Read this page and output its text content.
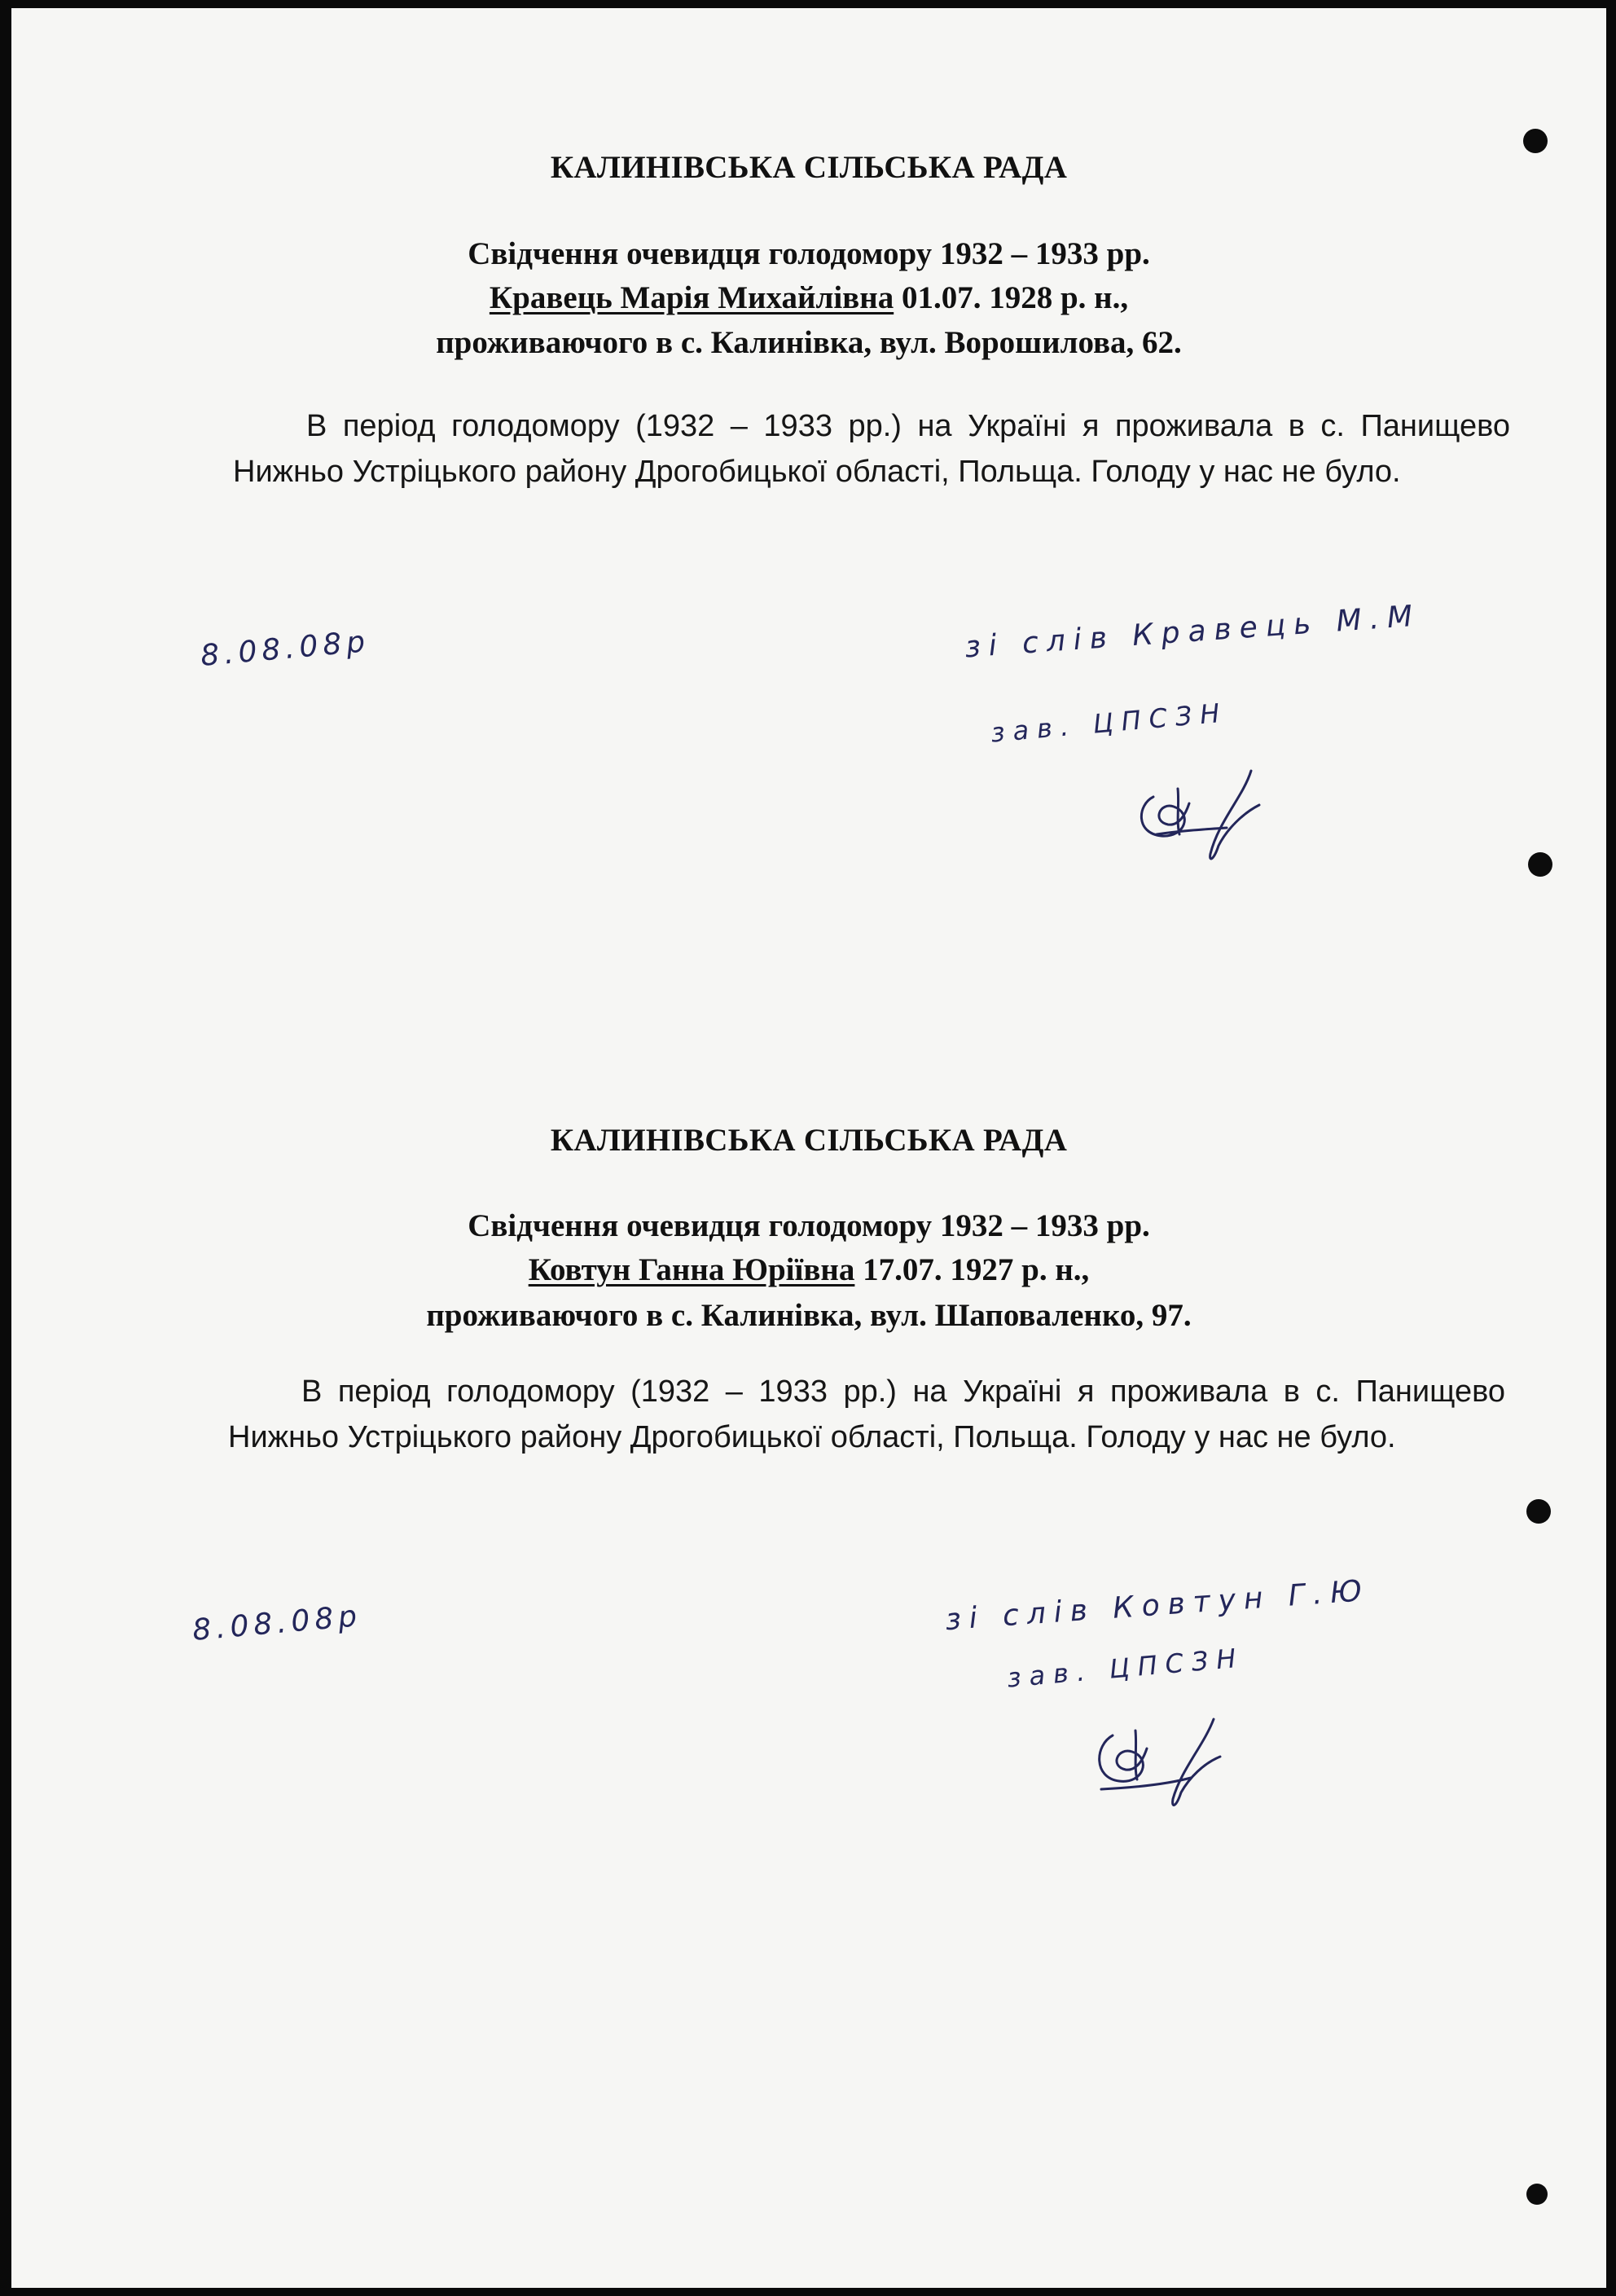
КАЛИНІВСЬКА СІЛЬСЬКА РАДА
Свідчення очевидця голодомору 1932 – 1933 рр.
Кравець Марія Михайлівна 01.07. 1928 р. н.,
проживаючого в с. Калинівка, вул. Ворошилова, 62.

В період голодомору (1932 – 1933 рр.) на Україні я проживала в с. Панищево Нижньо Устріцького району Дрогобицької області, Польща. Голоду у нас не було.

8.08.08р	зі слів Кравець М.М
зав. ЦПСЗН
КАЛИНІВСЬКА СІЛЬСЬКА РАДА
Свідчення очевидця голодомору 1932 – 1933 рр.
Ковтун Ганна Юріївна 17.07. 1927 р. н.,
проживаючого в с. Калинівка, вул. Шаповаленко, 97.

В період голодомору (1932 – 1933 рр.) на Україні я проживала в с. Панищево Нижньо Устріцького району Дрогобицької області, Польща. Голоду у нас не було.

8.08.08р	зі слів Ковтун Г.Ю
зав. ЦПСЗН
